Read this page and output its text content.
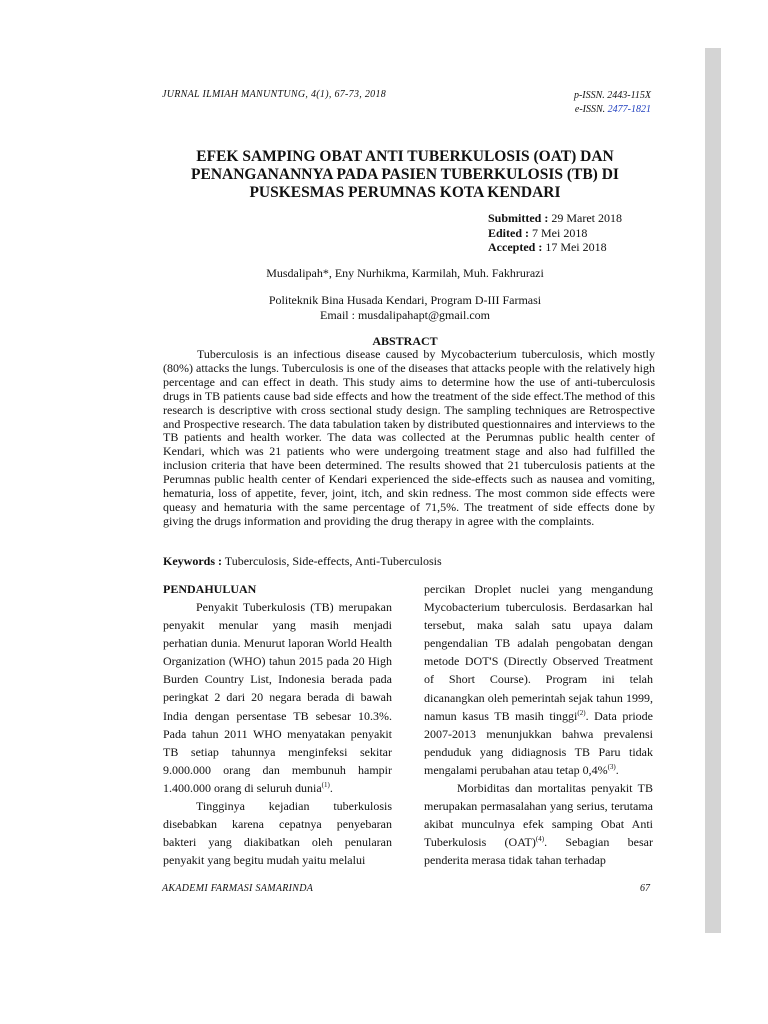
JURNAL ILMIAH MANUNTUNG, 4(1), 67-73, 2018	p-ISSN. 2443-115X
e-ISSN. 2477-1821
EFEK SAMPING OBAT ANTI TUBERKULOSIS (OAT) DAN PENANGANANNYA PADA PASIEN TUBERKULOSIS (TB) DI PUSKESMAS PERUMNAS KOTA KENDARI
Submitted : 29 Maret 2018
Edited : 7 Mei 2018
Accepted : 17 Mei 2018
Musdalipah*, Eny Nurhikma, Karmilah, Muh. Fakhrurazi
Politeknik Bina Husada Kendari, Program D-III Farmasi
Email : musdalipahapt@gmail.com
ABSTRACT

Tuberculosis is an infectious disease caused by Mycobacterium tuberculosis, which mostly (80%) attacks the lungs. Tuberculosis is one of the diseases that attacks people with the relatively high percentage and can effect in death. This study aims to determine how the use of anti-tuberculosis drugs in TB patients cause bad side effects and how the treatment of the side effect.The method of this research is descriptive with cross sectional study design. The sampling techniques are Retrospective and Prospective research. The data tabulation taken by distributed questionnaires and interviews to the TB patients and health worker. The data was collected at the Perumnas public health center of Kendari, which was 21 patients who were undergoing treatment stage and also had fulfilled the inclusion criteria that have been determined. The results showed that 21 tuberculosis patients at the Perumnas public health center of Kendari experienced the side-effects such as nausea and vomiting, hematuria, loss of appetite, fever, joint, itch, and skin redness. The most common side effects were queasy and hematuria with the same percentage of 71,5%. The treatment of side effects done by giving the drugs information and providing the drug therapy in agree with the complaints.

Keywords : Tuberculosis, Side-effects, Anti-Tuberculosis
PENDAHULUAN

Penyakit Tuberkulosis (TB) merupakan penyakit menular yang masih menjadi perhatian dunia. Menurut laporan World Health Organization (WHO) tahun 2015 pada 20 High Burden Country List, Indonesia berada pada peringkat 2 dari 20 negara berada di bawah India dengan persentase TB sebesar 10.3%. Pada tahun 2011 WHO menyatakan penyakit TB setiap tahunnya menginfeksi sekitar 9.000.000 orang dan membunuh hampir 1.400.000 orang di seluruh dunia$^{(1)}$.

Tingginya kejadian tuberkulosis disebabkan karena cepatnya penyebaran bakteri yang diakibatkan oleh penularan penyakit yang begitu mudah yaitu melalui

percikan Droplet nuclei yang mengandung Mycobacterium tuberculosis. Berdasarkan hal tersebut, maka salah satu upaya dalam pengendalian TB adalah pengobatan dengan metode DOT'S (Directly Observed Treatment of Short Course). Program ini telah dicanangkan oleh pemerintah sejak tahun 1999, namun kasus TB masih tinggi$^{(2)}$. Data priode 2007-2013 menunjukkan bahwa prevalensi penduduk yang didiagnosis TB Paru tidak mengalami perubahan atau tetap 0,4%$^{(3)}$.

Morbiditas dan mortalitas penyakit TB merupakan permasalahan yang serius, terutama akibat munculnya efek samping Obat Anti Tuberkulosis (OAT)$^{(4)}$. Sebagian besar penderita merasa tidak tahan terhadap

AKADEMI FARMASI SAMARINDA	67
